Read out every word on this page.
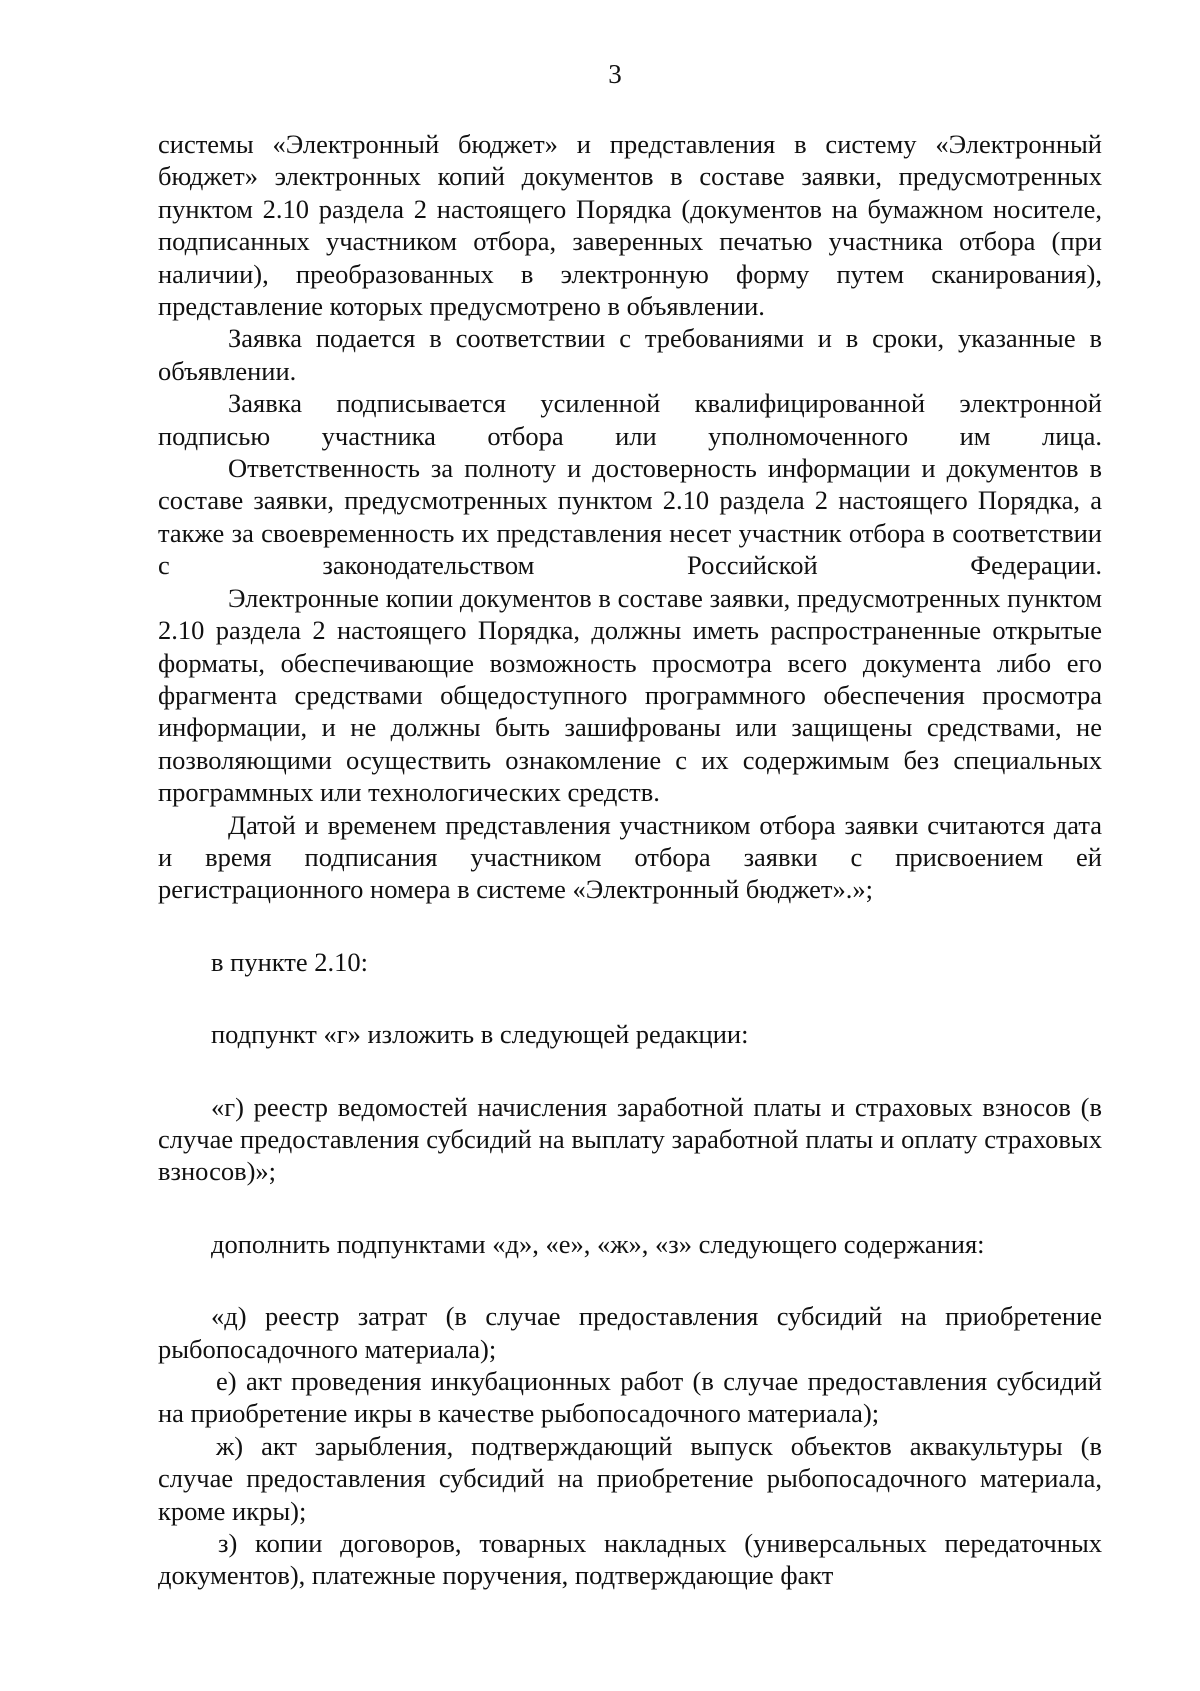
3

системы «Электронный бюджет» и представления в систему «Электронный бюджет» электронных копий документов в составе заявки, предусмотренных пунктом 2.10 раздела 2 настоящего Порядка (документов на бумажном носителе, подписанных участником отбора, заверенных печатью участника отбора (при наличии), преобразованных в электронную форму путем сканирования), представление которых предусмотрено в объявлении.

Заявка подается в соответствии с требованиями и в сроки, указанные в объявлении.

Заявка подписывается усиленной квалифицированной электронной подписью участника отбора или уполномоченного им лица.

Ответственность за полноту и достоверность информации и документов в составе заявки, предусмотренных пунктом 2.10 раздела 2 настоящего Порядка, а также за своевременность их представления несет участник отбора в соответствии с законодательством Российской Федерации.

Электронные копии документов в составе заявки, предусмотренных пунктом 2.10 раздела 2 настоящего Порядка, должны иметь распространенные открытые форматы, обеспечивающие возможность просмотра всего документа либо его фрагмента средствами общедоступного программного обеспечения просмотра информации, и не должны быть зашифрованы или защищены средствами, не позволяющими осуществить ознакомление с их содержимым без специальных программных или технологических средств.

Датой и временем представления участником отбора заявки считаются дата и время подписания участником отбора заявки с присвоением ей регистрационного номера в системе «Электронный бюджет».»;

в пункте 2.10:

подпункт «г» изложить в следующей редакции:

«г) реестр ведомостей начисления заработной платы и страховых взносов (в случае предоставления субсидий на выплату заработной платы и оплату страховых взносов)»;

дополнить подпунктами «д», «е», «ж», «з» следующего содержания:

«д) реестр затрат (в случае предоставления субсидий на приобретение рыбопосадочного материала);

е) акт проведения инкубационных работ (в случае предоставления субсидий на приобретение икры в качестве рыбопосадочного материала);

ж) акт зарыбления, подтверждающий выпуск объектов аквакультуры (в случае предоставления субсидий на приобретение рыбопосадочного материала, кроме икры);

з) копии договоров, товарных накладных (универсальных передаточных документов), платежные поручения, подтверждающие факт
